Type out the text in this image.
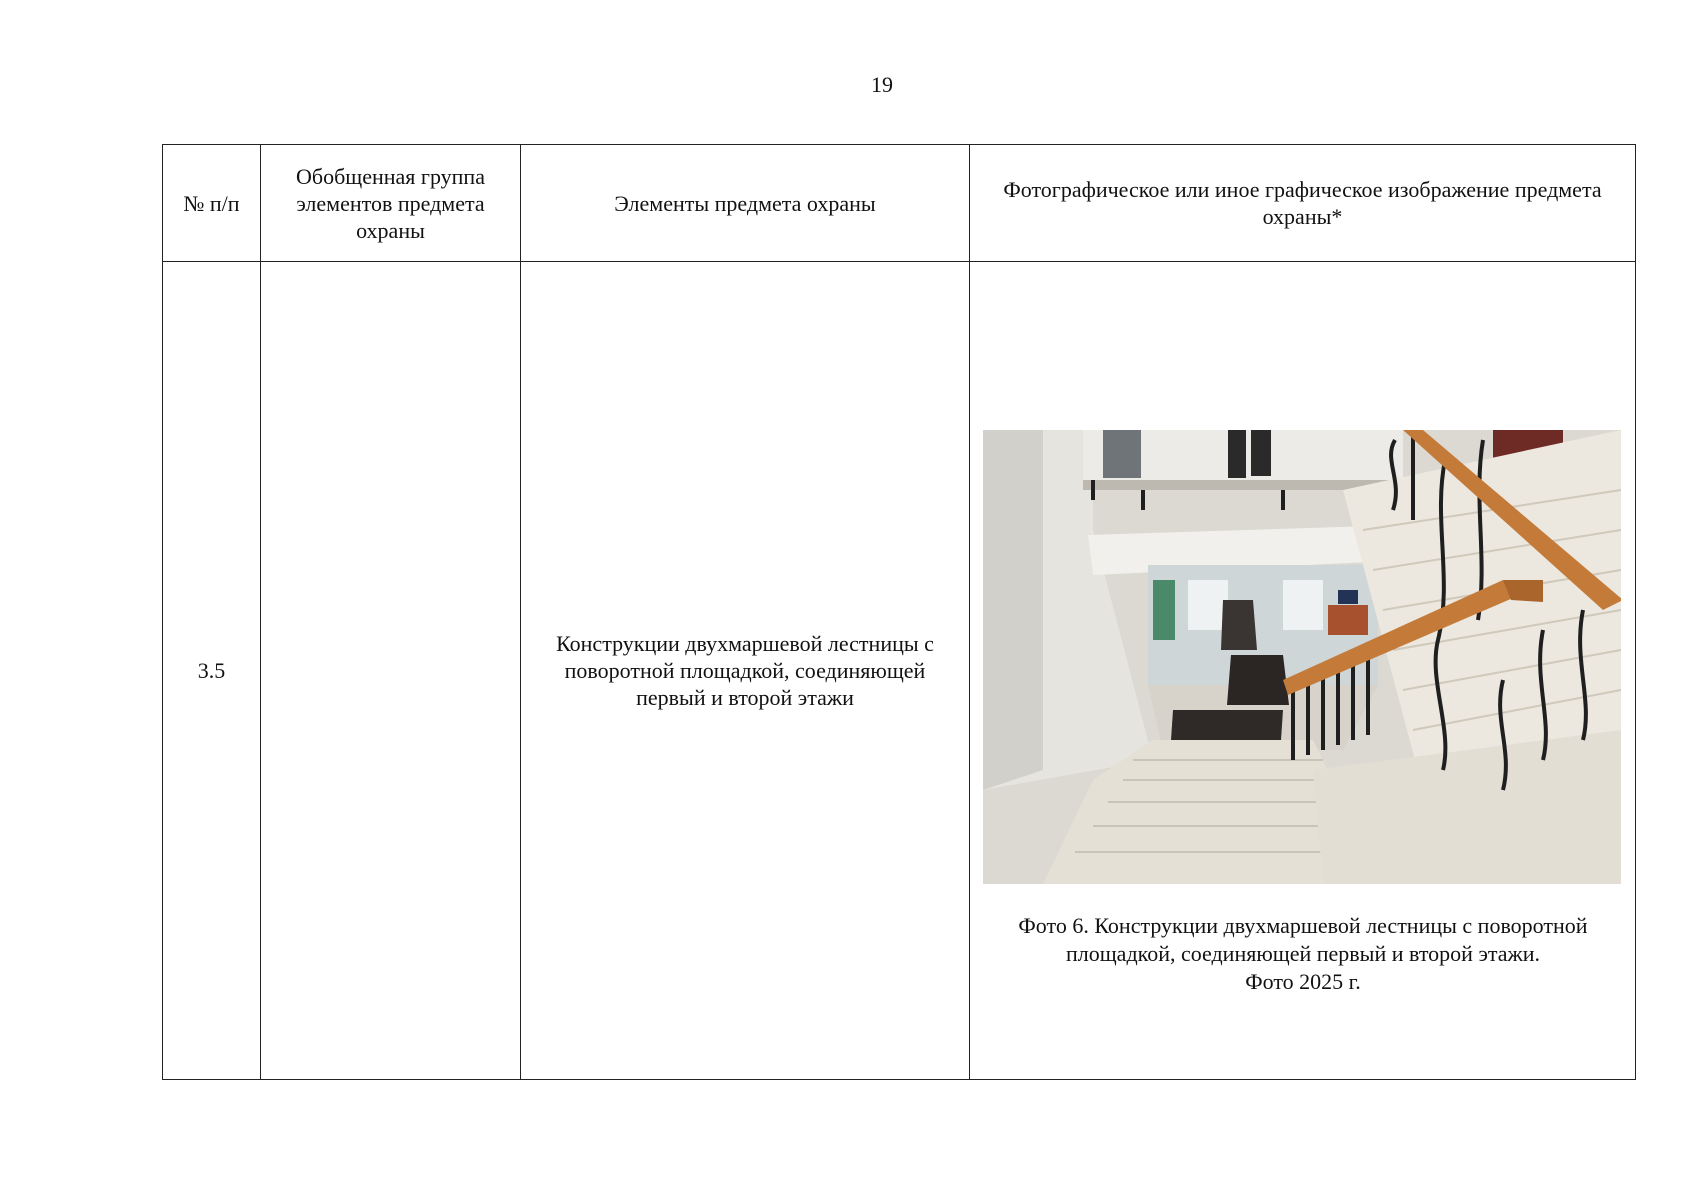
19
№ п/п	Обобщенная группа элементов предмета охраны	Элементы предмета охраны	Фотографическое или иное графическое изображение предмета охраны*
3.5		Конструкции двухмаршевой лестницы с поворотной площадкой, соединяющей первый и второй этажи	Фото 6. Конструкции двухмаршевой лестницы с поворотной
площадкой, соединяющей первый и второй этажи.
Фото 2025 г.
